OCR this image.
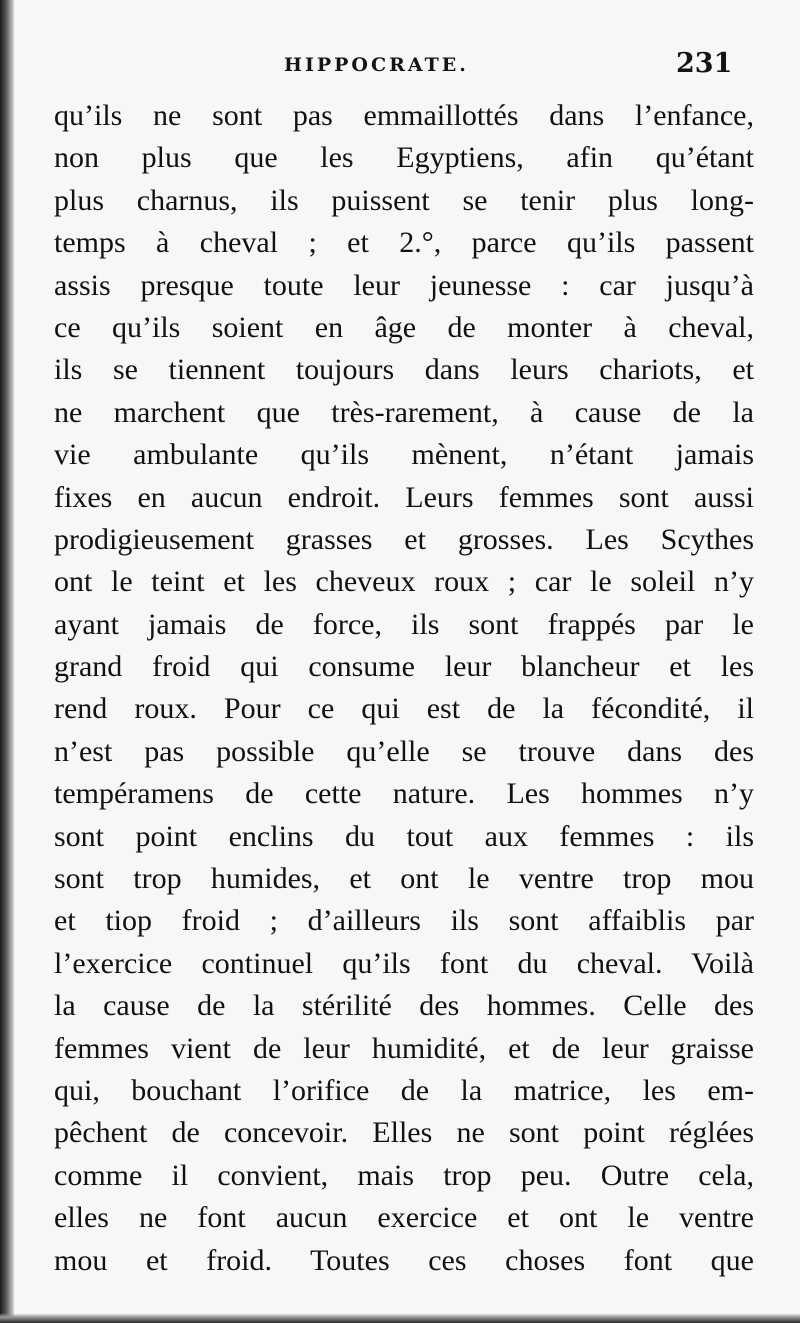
HIPPOCRATE.	231
qu’ils ne sont pas emmaillottés dans l’enfance,
non plus que les Egyptiens, afin qu’étant
plus charnus, ils puissent se tenir plus long-
temps à cheval ; et 2.°, parce qu’ils passent
assis presque toute leur jeunesse : car jusqu’à
ce qu’ils soient en âge de monter à cheval,
ils se tiennent toujours dans leurs chariots, et
ne marchent que très-rarement, à cause de la
vie ambulante qu’ils mènent, n’étant jamais
fixes en aucun endroit. Leurs femmes sont aussi
prodigieusement grasses et grosses. Les Scythes
ont le teint et les cheveux roux ; car le soleil n’y
ayant jamais de force, ils sont frappés par le
grand froid qui consume leur blancheur et les
rend roux. Pour ce qui est de la fécondité, il
n’est pas possible qu’elle se trouve dans des
tempéramens de cette nature. Les hommes n’y
sont point enclins du tout aux femmes : ils
sont trop humides, et ont le ventre trop mou
et tiop froid ; d’ailleurs ils sont affaiblis par
l’exercice continuel qu’ils font du cheval. Voilà
la cause de la stérilité des hommes. Celle des
femmes vient de leur humidité, et de leur graisse
qui, bouchant l’orifice de la matrice, les em-
pêchent de concevoir. Elles ne sont point réglées
comme il convient, mais trop peu. Outre cela,
elles ne font aucun exercice et ont le ventre
mou et froid. Toutes ces choses font que
